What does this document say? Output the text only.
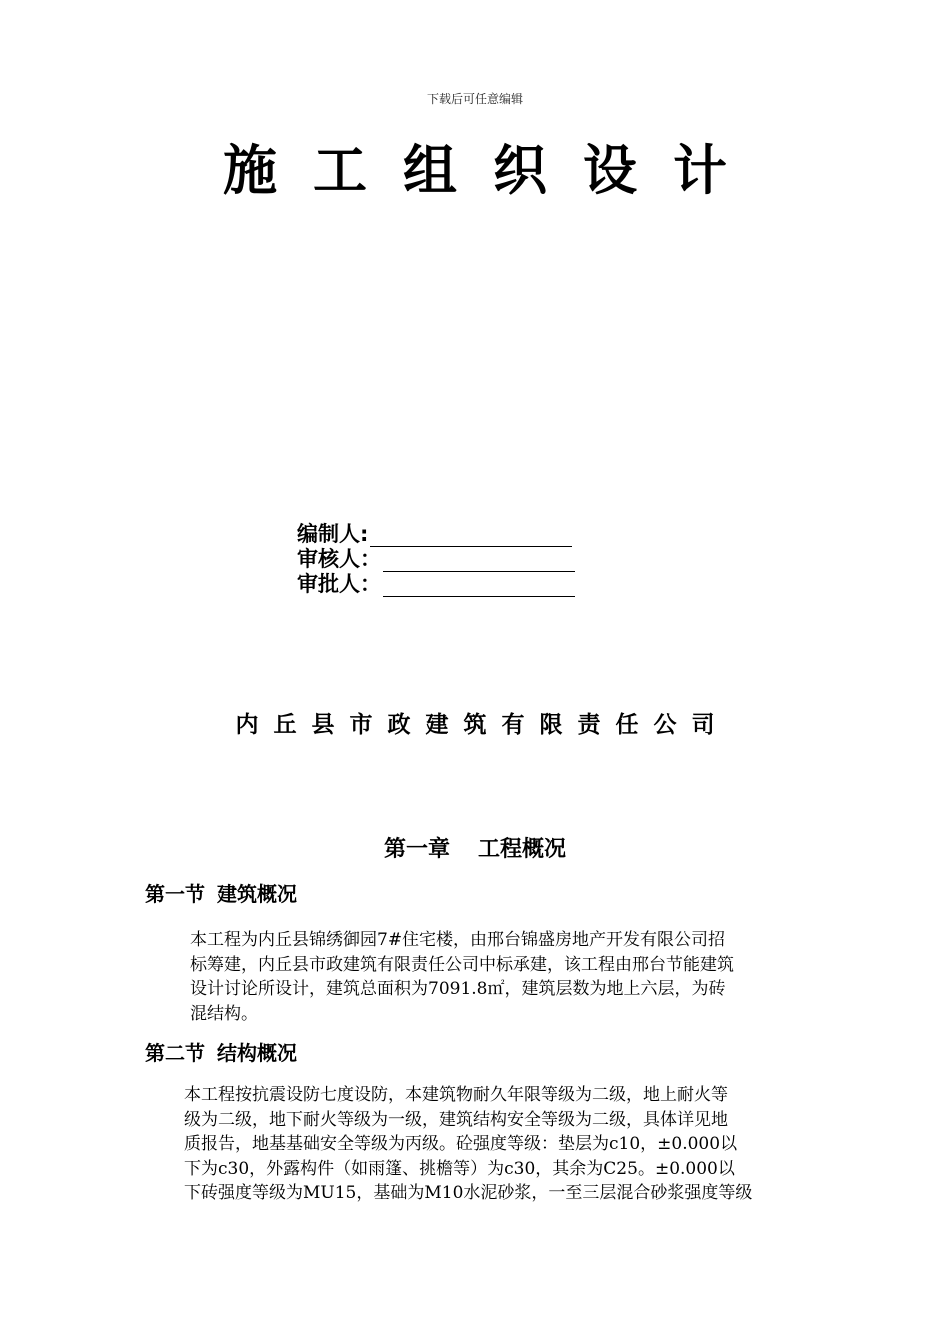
下载后可任意编辑
施工组织设计
编制人:
审核人：
审批人：
内丘县市政建筑有限责任公司
第一章 工程概况
第一节 建筑概况
本工程为内丘县锦绣御园7#住宅楼，由邢台锦盛房地产开发有限公司招
标筹建，内丘县市政建筑有限责任公司中标承建，该工程由邢台节能建筑
设计讨论所设计，建筑总面积为7091.8㎡，建筑层数为地上六层，为砖
混结构。
第二节 结构概况
本工程按抗震设防七度设防，本建筑物耐久年限等级为二级，地上耐火等
级为二级，地下耐火等级为一级，建筑结构安全等级为二级，具体详见地
质报告，地基基础安全等级为丙级。砼强度等级：垫层为c10，±0.000以
下为c30，外露构件（如雨篷、挑檐等）为c30，其余为C25。±0.000以
下砖强度等级为MU15，基础为M10水泥砂浆，一至三层混合砂浆强度等级
